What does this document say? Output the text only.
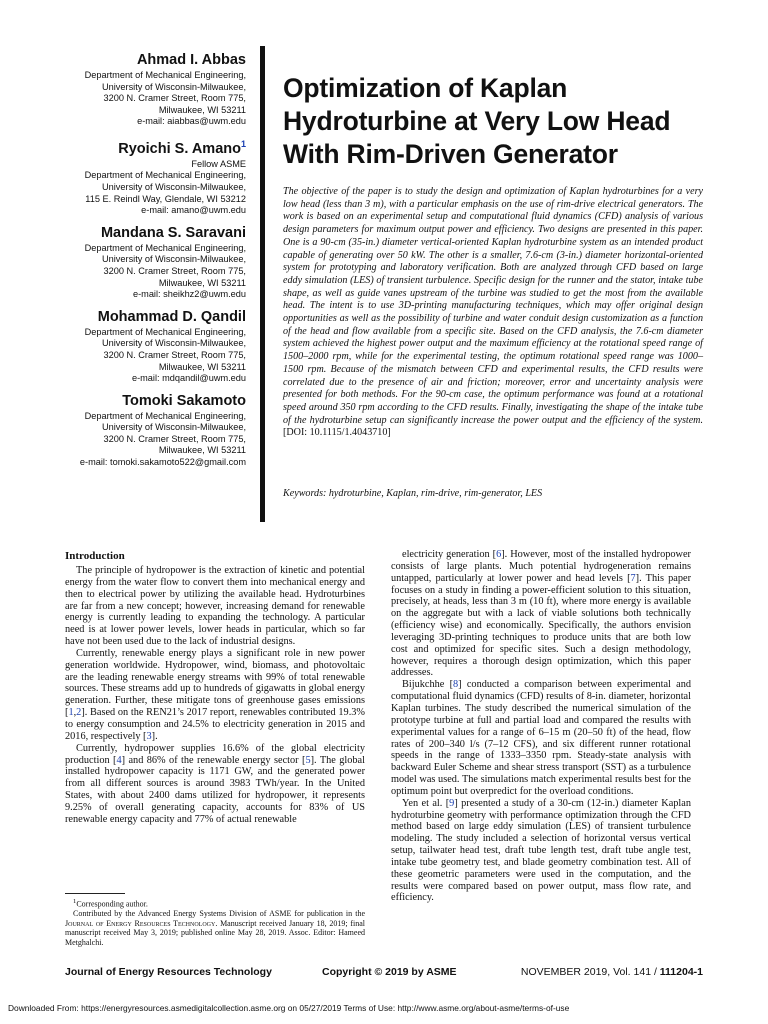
Ahmad I. Abbas
Department of Mechanical Engineering,
University of Wisconsin-Milwaukee,
3200 N. Cramer Street, Room 775,
Milwaukee, WI 53211
e-mail: aiabbas@uwm.edu
Ryoichi S. Amano$^1$
Fellow ASME
Department of Mechanical Engineering,
University of Wisconsin-Milwaukee,
115 E. Reindl Way, Glendale, WI 53212
e-mail: amano@uwm.edu
Mandana S. Saravani
Department of Mechanical Engineering,
University of Wisconsin-Milwaukee,
3200 N. Cramer Street, Room 775,
Milwaukee, WI 53211
e-mail: sheikhz2@uwm.edu
Mohammad D. Qandil
Department of Mechanical Engineering,
University of Wisconsin-Milwaukee,
3200 N. Cramer Street, Room 775,
Milwaukee, WI 53211
e-mail: mdqandil@uwm.edu
Tomoki Sakamoto
Department of Mechanical Engineering,
University of Wisconsin-Milwaukee,
3200 N. Cramer Street, Room 775,
Milwaukee, WI 53211
e-mail: tomoki.sakamoto522@gmail.com
Optimization of Kaplan
Hydroturbine at Very Low Head
With Rim-Driven Generator

The objective of the paper is to study the design and optimization of Kaplan hydroturbines for a very low head (less than 3 m), with a particular emphasis on the use of rim-drive electrical generators. The work is based on an experimental setup and computational fluid dynamics (CFD) analysis of various design parameters for maximum output power and efficiency. Two designs are presented in this paper. One is a 90-cm (35-in.) diameter vertical-oriented Kaplan hydroturbine system as an intended product capable of generating over 50 kW. The other is a smaller, 7.6-cm (3-in.) diameter horizontal-oriented system for prototyping and laboratory verification. Both are analyzed through CFD based on large eddy simulation (LES) of transient turbulence. Specific design for the runner and the stator, intake tube shape, as well as guide vanes upstream of the turbine was studied to get the most from the available head. The intent is to use 3D-printing manufacturing techniques, which may offer original design opportunities as well as the possibility of turbine and water conduit design customization as a function of the head and flow available from a specific site. Based on the CFD analysis, the 7.6-cm diameter system achieved the highest power output and the maximum efficiency at the rotational speed range of 1500–2000 rpm, while for the experimental testing, the optimum rotational speed range was 1000–1500 rpm. Because of the mismatch between CFD and experimental results, the CFD results were correlated due to the presence of air and friction; moreover, error and uncertainty analysis were presented for both methods. For the 90-cm case, the optimum performance was found at a rotational speed around 350 rpm according to the CFD results. Finally, investigating the shape of the intake tube of the hydroturbine setup can significantly increase the power output and the efficiency of the system. [DOI: 10.1115/1.4043710]

Keywords: hydroturbine, Kaplan, rim-drive, rim-generator, LES

Introduction

The principle of hydropower is the extraction of kinetic and potential energy from the water flow to convert them into mechanical energy and then to electrical power by utilizing the available head. Hydroturbines are far from a new concept; however, increasing demand for renewable energy is currently leading to expanding the technology. A particular need is at lower power levels, lower heads in particular, which so far have not been used due to the lack of industrial designs.

Currently, renewable energy plays a significant role in new power generation worldwide. Hydropower, wind, biomass, and photovoltaic are the leading renewable energy streams with 99% of total renewable sources. These streams add up to hundreds of gigawatts in global energy generation. Further, these mitigate tons of greenhouse gases emissions [1,2]. Based on the REN21’s 2017 report, renewables contributed 19.3% to energy consumption and 24.5% to electricity generation in 2015 and 2016, respectively [3].

Currently, hydropower supplies 16.6% of the global electricity production [4] and 86% of the renewable energy sector [5]. The global installed hydropower capacity is 1171 GW, and the generated power from all different sources is around 3983 TWh/year. In the United States, with about 2400 dams utilized for hydropower, it represents 9.25% of overall generating capacity, accounts for 83% of US renewable energy capacity and 77% of actual renewable

electricity generation [6]. However, most of the installed hydropower consists of large plants. Much potential hydrogeneration remains untapped, particularly at lower power and head levels [7]. This paper focuses on a study in finding a power-efficient solution to this situation, precisely, at heads, less than 3 m (10 ft), where more energy is available on the aggregate but with a lack of viable solutions both technically (efficiency wise) and economically. Specifically, the authors envision leveraging 3D-printing techniques to produce units that are both low cost and optimized for specific sites. Such a design methodology, however, requires a thorough design optimization, which this paper addresses.

Bijukchhe [8] conducted a comparison between experimental and computational fluid dynamics (CFD) results of 8-in. diameter, horizontal Kaplan turbines. The study described the numerical simulation of the prototype turbine at full and partial load and compared the results with experimental values for a range of 6–15 m (20–50 ft) of the head, flow rates of 200–340 l/s (7–12 CFS), and six different runner rotational speeds in the range of 1333–3350 rpm. Steady-state analysis with backward Euler Scheme and shear stress transport (SST) as a turbulence model was used. The simulations match experimental results best for the optimum point but overpredict for the overload conditions.

Yen et al. [9] presented a study of a 30-cm (12-in.) diameter Kaplan hydroturbine geometry with performance optimization through the CFD method based on large eddy simulation (LES) of transient turbulence modeling. The study included a selection of horizontal versus vertical setup, tailwater head test, draft tube length test, draft tube angle test, intake tube geometry test, and blade geometry combination test. All of these geometric parameters were used in the computation, and the results were compared based on power output, mass flow rate, and efficiency.

$^1$Corresponding author.

Contributed by the Advanced Energy Systems Division of ASME for publication in the Journal of Energy Resources Technology. Manuscript received January 18, 2019; final manuscript received May 3, 2019; published online May 28, 2019. Assoc. Editor: Hameed Metghalchi.

Journal of Energy Resources Technology	Copyright © 2019 by ASME	NOVEMBER 2019, Vol. 141 / 111204-1
Downloaded From: https://energyresources.asmedigitalcollection.asme.org on 05/27/2019 Terms of Use: http://www.asme.org/about-asme/terms-of-use
